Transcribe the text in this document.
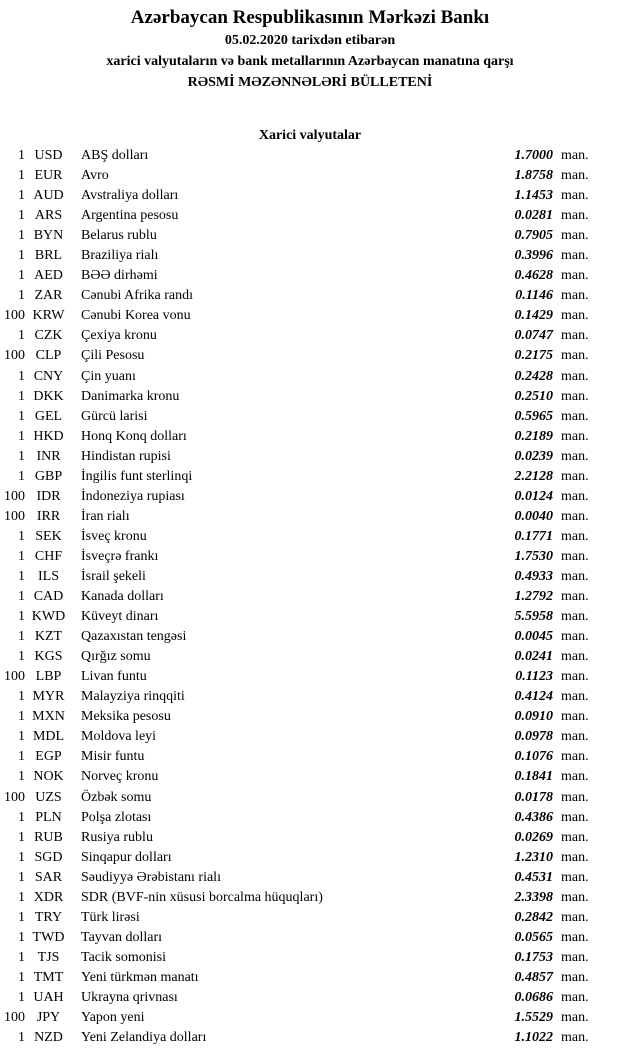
Azərbaycan Respublikasının Mərkəzi Bankı
05.02.2020 tarixdən etibarən
xarici valyutaların və bank metallarının Azərbaycan manatına qarşı
RƏSMİ MƏZƏNNƏLƏRİ BÜLLETENİ
Xarici valyutalar
1 USD	ABŞ dolları	1.7000 man.
1 EUR	Avro	1.8758 man.
1 AUD	Avstraliya dolları	1.1453 man.
1 ARS	Argentina pesosu	0.0281 man.
1 BYN	Belarus rublu	0.7905 man.
1 BRL	Braziliya rialı	0.3996 man.
1 AED	BƏƏ dirhəmi	0.4628 man.
1 ZAR	Cənubi Afrika randı	0.1146 man.
100 KRW	Cənubi Korea vonu	0.1429 man.
1 CZK	Çexiya kronu	0.0747 man.
100 CLP	Çili Pesosu	0.2175 man.
1 CNY	Çin yuanı	0.2428 man.
1 DKK	Danimarka kronu	0.2510 man.
1 GEL	Gürcü larisi	0.5965 man.
1 HKD	Honq Konq dolları	0.2189 man.
1 INR	Hindistan rupisi	0.0239 man.
1 GBP	İngilis funt sterlinqi	2.2128 man.
100 IDR	İndoneziya rupiası	0.0124 man.
100 IRR	İran rialı	0.0040 man.
1 SEK	İsveç kronu	0.1771 man.
1 CHF	İsveçrə frankı	1.7530 man.
1 ILS	İsrail şekeli	0.4933 man.
1 CAD	Kanada dolları	1.2792 man.
1 KWD	Küveyt dinarı	5.5958 man.
1 KZT	Qazaxıstan tengəsi	0.0045 man.
1 KGS	Qırğız somu	0.0241 man.
100 LBP	Livan funtu	0.1123 man.
1 MYR	Malayziya rinqqiti	0.4124 man.
1 MXN	Meksika pesosu	0.0910 man.
1 MDL	Moldova leyi	0.0978 man.
1 EGP	Misir funtu	0.1076 man.
1 NOK	Norveç kronu	0.1841 man.
100 UZS	Özbək somu	0.0178 man.
1 PLN	Polşa zlotası	0.4386 man.
1 RUB	Rusiya rublu	0.0269 man.
1 SGD	Sinqapur dolları	1.2310 man.
1 SAR	Səudiyyə Ərəbistanı rialı	0.4531 man.
1 XDR	SDR (BVF-nin xüsusi borcalma hüquqları)	2.3398 man.
1 TRY	Türk lirəsi	0.2842 man.
1 TWD	Tayvan dolları	0.0565 man.
1 TJS	Tacik somonisi	0.1753 man.
1 TMT	Yeni türkmən manatı	0.4857 man.
1 UAH	Ukrayna qrivnası	0.0686 man.
100 JPY	Yapon yeni	1.5529 man.
1 NZD	Yeni Zelandiya dolları	1.1022 man.
